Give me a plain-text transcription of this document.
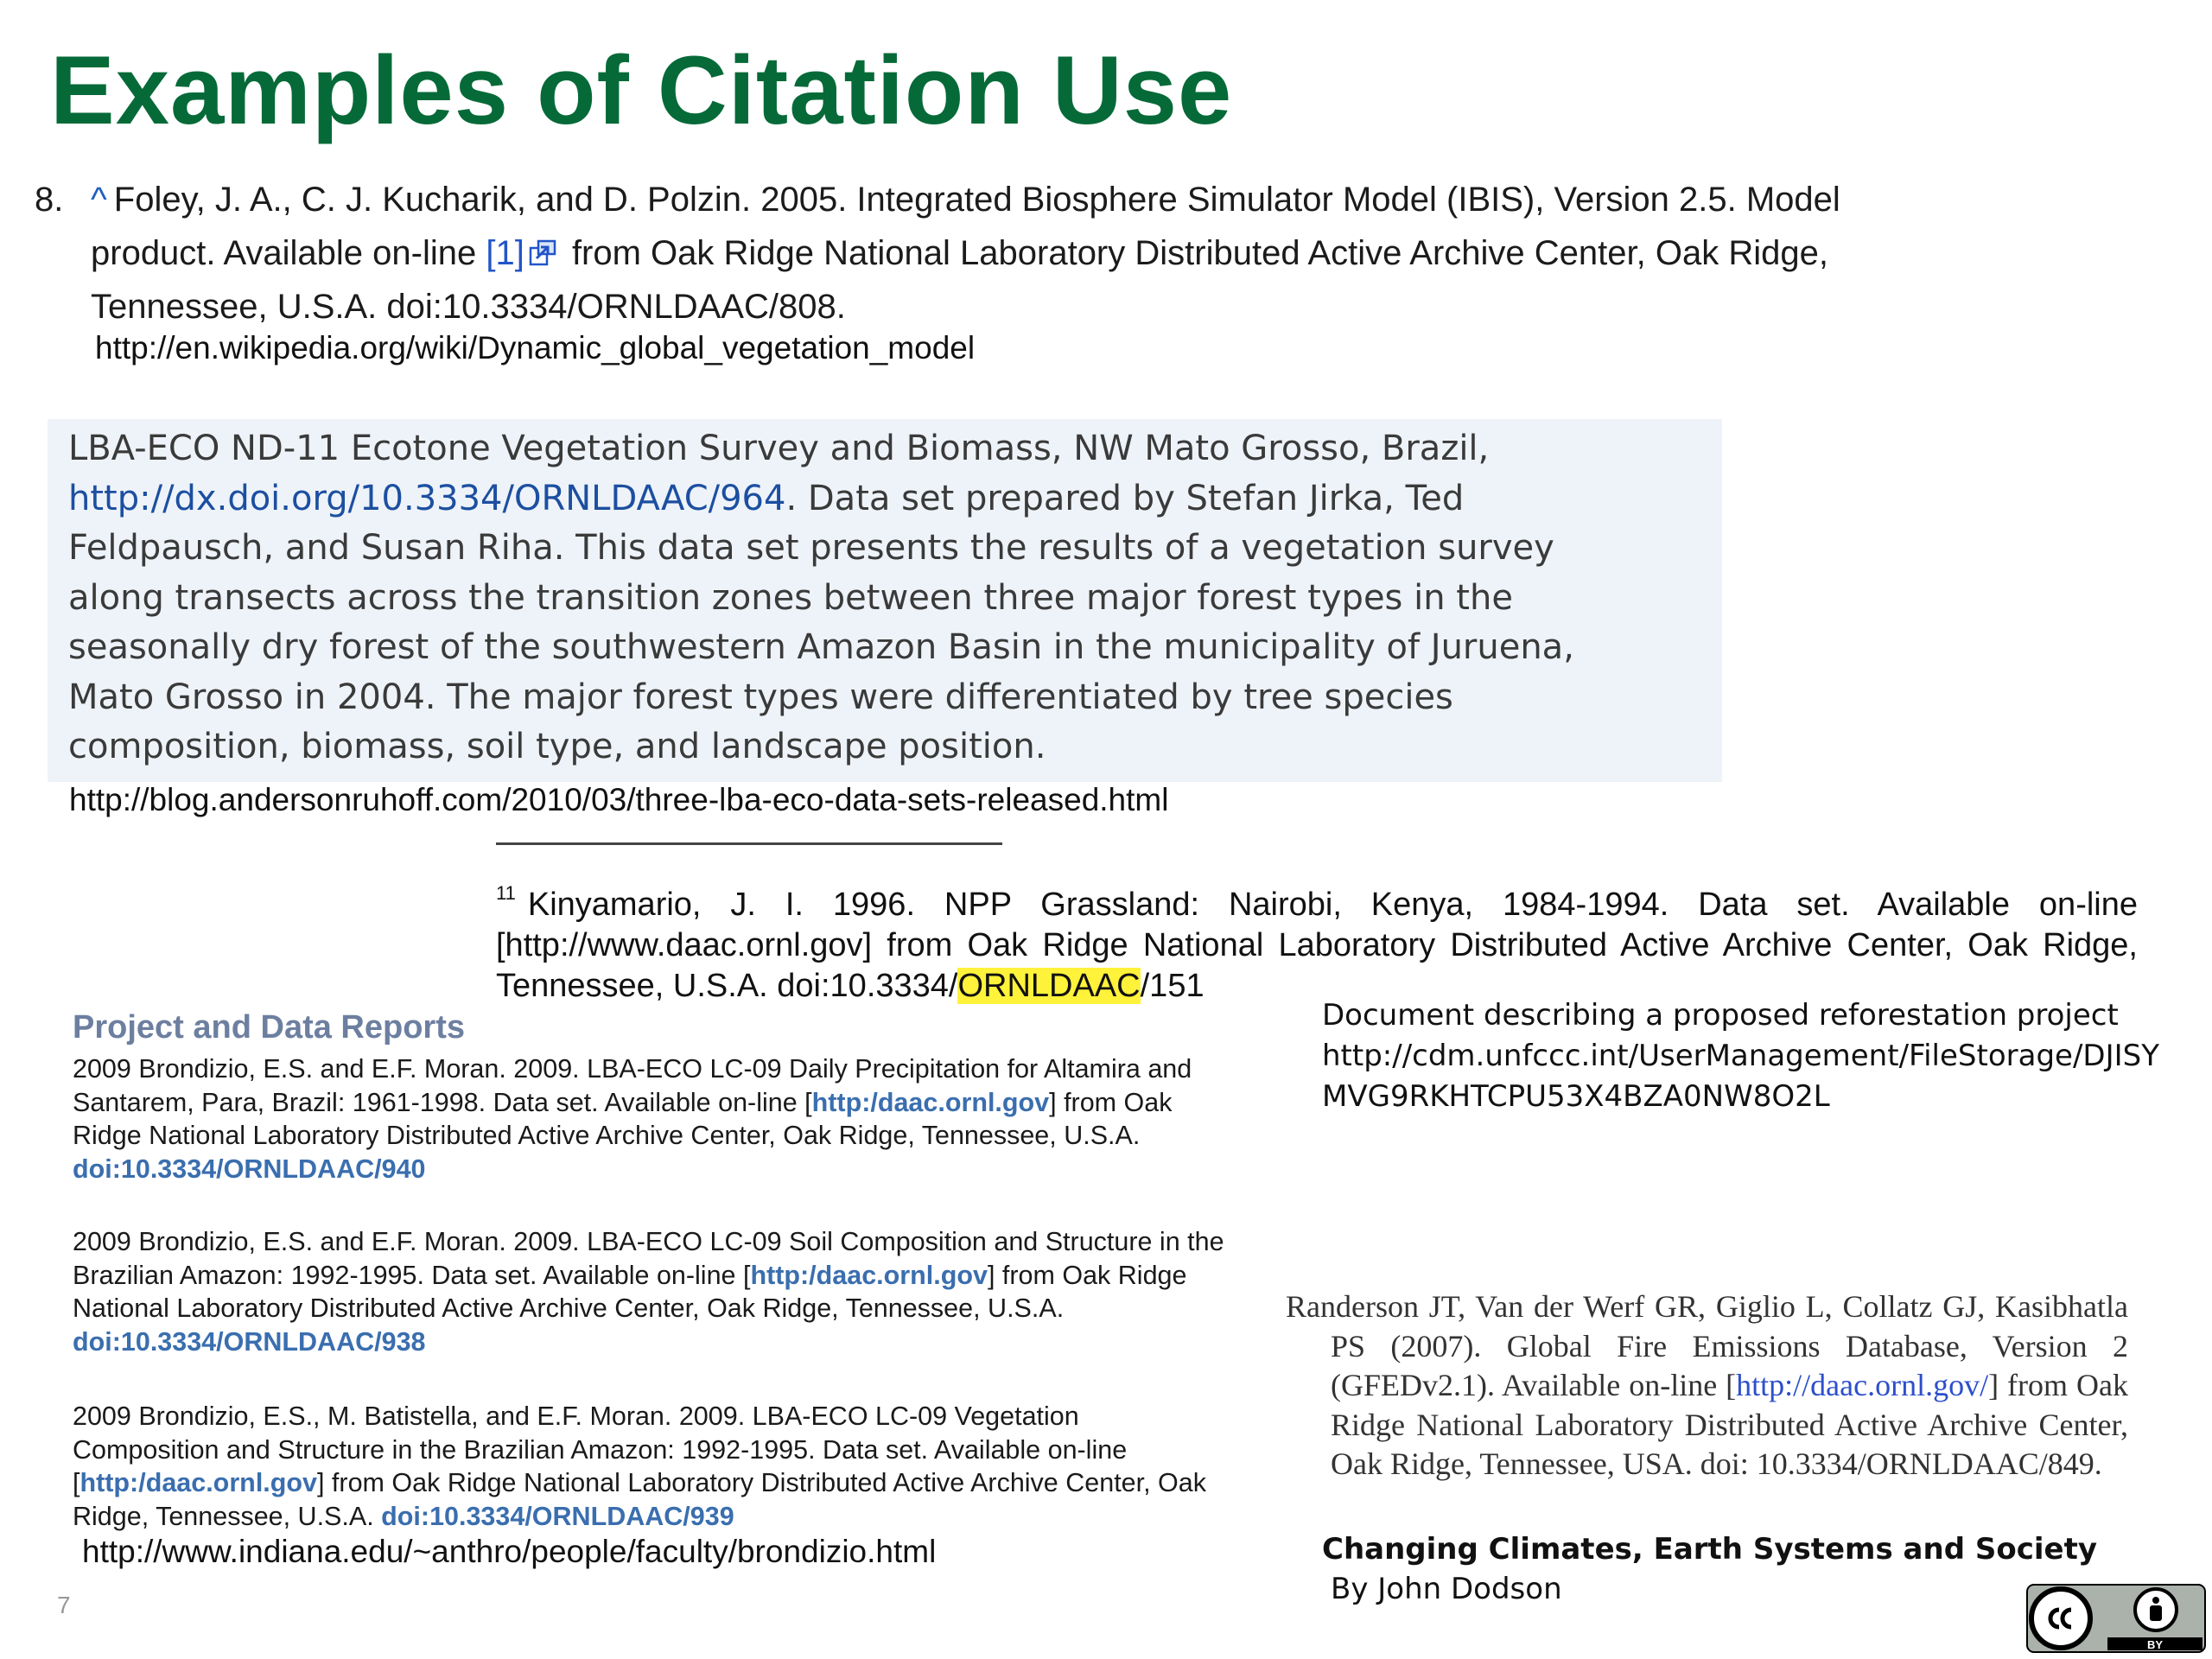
Examples of Citation Use
8. ^ Foley, J. A., C. J. Kucharik, and D. Polzin. 2005. Integrated Biosphere Simulator Model (IBIS), Version 2.5. Model product. Available on-line [1] from Oak Ridge National Laboratory Distributed Active Archive Center, Oak Ridge, Tennessee, U.S.A. doi:10.3334/ORNLDAAC/808.
http://en.wikipedia.org/wiki/Dynamic_global_vegetation_model

LBA-ECO ND-11 Ecotone Vegetation Survey and Biomass, NW Mato Grosso, Brazil,
http://dx.doi.org/10.3334/ORNLDAAC/964. Data set prepared by Stefan Jirka, Ted
Feldpausch, and Susan Riha. This data set presents the results of a vegetation survey
along transects across the transition zones between three major forest types in the
seasonally dry forest of the southwestern Amazon Basin in the municipality of Juruena,
Mato Grosso in 2004. The major forest types were differentiated by tree species
composition, biomass, soil type, and landscape position.

http://blog.andersonruhoff.com/2010/03/three-lba-eco-data-sets-released.html
$^{11}$ Kinyamario, J. I. 1996. NPP Grassland: Nairobi, Kenya, 1984-1994. Data set. Available on-line [http://www.daac.ornl.gov] from Oak Ridge National Laboratory Distributed Active Archive Center, Oak Ridge, Tennessee, U.S.A. doi:10.3334/ORNLDAAC/151
Project and Data Reports
2009 Brondizio, E.S. and E.F. Moran. 2009. LBA-ECO LC-09 Daily Precipitation for Altamira and Santarem, Para, Brazil: 1961-1998. Data set. Available on-line [http:/daac.ornl.gov] from Oak Ridge National Laboratory Distributed Active Archive Center, Oak Ridge, Tennessee, U.S.A. doi:10.3334/ORNLDAAC/940
2009 Brondizio, E.S. and E.F. Moran. 2009. LBA-ECO LC-09 Soil Composition and Structure in the Brazilian Amazon: 1992-1995. Data set. Available on-line [http:/daac.ornl.gov] from Oak Ridge National Laboratory Distributed Active Archive Center, Oak Ridge, Tennessee, U.S.A. doi:10.3334/ORNLDAAC/938
2009 Brondizio, E.S., M. Batistella, and E.F. Moran. 2009. LBA-ECO LC-09 Vegetation Composition and Structure in the Brazilian Amazon: 1992-1995. Data set. Available on-line [http:/daac.ornl.gov] from Oak Ridge National Laboratory Distributed Active Archive Center, Oak Ridge, Tennessee, U.S.A. doi:10.3334/ORNLDAAC/939
http://www.indiana.edu/~anthro/people/faculty/brondizio.html
Document describing a proposed reforestation project
http://cdm.unfccc.int/UserManagement/FileStorage/DJISY
MVG9RKHTCPU53X4BZA0NW8O2L
Randerson JT, Van der Werf GR, Giglio L, Collatz GJ, Kasibhatla PS (2007). Global Fire Emissions Database, Version 2 (GFEDv2.1). Available on-line [http://daac.ornl.gov/] from Oak Ridge National Laboratory Distributed Active Archive Center, Oak Ridge, Tennessee, USA. doi: 10.3334/ORNLDAAC/849.
Changing Climates, Earth Systems and Society
By John Dodson
7
BY
